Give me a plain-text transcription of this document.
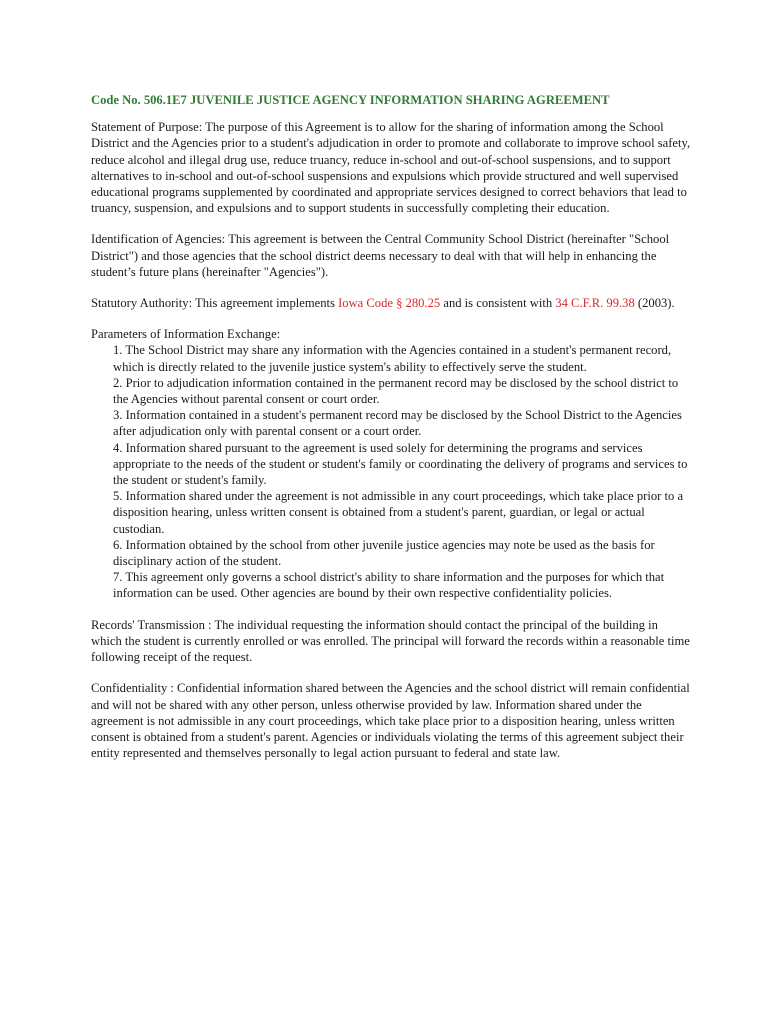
Code No. 506.1E7 JUVENILE JUSTICE AGENCY INFORMATION SHARING AGREEMENT

Statement of Purpose: The purpose of this Agreement is to allow for the sharing of information among the School District and the Agencies prior to a student's adjudication in order to promote and collaborate to improve school safety, reduce alcohol and illegal drug use, reduce truancy, reduce in-school and out-of-school suspensions, and to support alternatives to in-school and out-of-school suspensions and expulsions which provide structured and well supervised educational programs supplemented by coordinated and appropriate services designed to correct behaviors that lead to truancy, suspension, and expulsions and to support students in successfully completing their education.

Identification of Agencies: This agreement is between the Central Community School District (hereinafter "School District") and those agencies that the school district deems necessary to deal with that will help in enhancing the student’s future plans (hereinafter "Agencies").

Statutory Authority: This agreement implements Iowa Code § 280.25 and is consistent with 34 C.F.R. 99.38 (2003).

Parameters of Information Exchange:
1. The School District may share any information with the Agencies contained in a student's permanent record, which is directly related to the juvenile justice system's ability to effectively serve the student.
2. Prior to adjudication information contained in the permanent record may be disclosed by the school district to the Agencies without parental consent or court order.
3. Information contained in a student's permanent record may be disclosed by the School District to the Agencies after adjudication only with parental consent or a court order.
4. Information shared pursuant to the agreement is used solely for determining the programs and services appropriate to the needs of the student or student's family or coordinating the delivery of programs and services to the student or student's family.
5. Information shared under the agreement is not admissible in any court proceedings, which take place prior to a disposition hearing, unless written consent is obtained from a student's parent, guardian, or legal or actual custodian.
6. Information obtained by the school from other juvenile justice agencies may note be used as the basis for disciplinary action of the student.
7. This agreement only governs a school district's ability to share information and the purposes for which that information can be used. Other agencies are bound by their own respective confidentiality policies.

Records' Transmission : The individual requesting the information should contact the principal of the building in which the student is currently enrolled or was enrolled. The principal will forward the records within a reasonable time following receipt of the request.

Confidentiality : Confidential information shared between the Agencies and the school district will remain confidential and will not be shared with any other person, unless otherwise provided by law. Information shared under the agreement is not admissible in any court proceedings, which take place prior to a disposition hearing, unless written consent is obtained from a student's parent. Agencies or individuals violating the terms of this agreement subject their entity represented and themselves personally to legal action pursuant to federal and state law.
